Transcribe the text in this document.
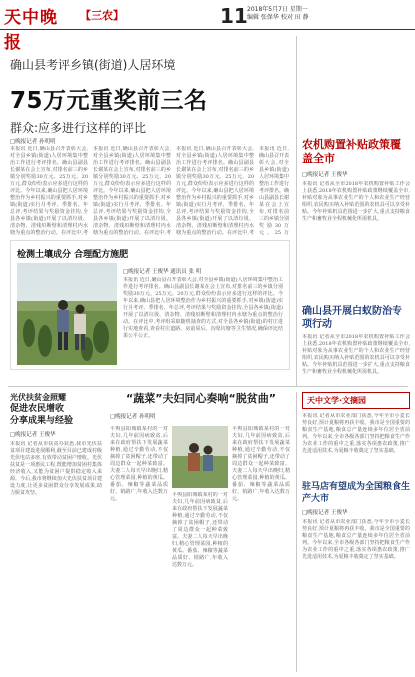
天中晚报
【三农】	11 2018年5月7日 星期一
编辑 张保华 校对 田 静
确山县考评乡镇(街道)人居环境
75万元重奖前三名
群众:应多进行这样的评比
□晚报记者 孙明明
本报讯 近日,确山县召开表彰大会,对全县乡镇(街道)人居环境集中整治工作进行考评排名。确山县副县长谢某在会上宣布,对排名前三的乡镇分别奖励30万元、25万元、20万元,群众纷纷表示应多进行这样的评比。今年以来,确山县把人居环境整治作为乡村振兴的重要抓手,对乡镇(街道)实行月考评、季排名、年总评,考评结果与奖励资金挂钩,全县各乡镇(街道)开展了以清垃圾、清杂物、清残垣断壁和清理村内水塘为重点的整治行动。在评比中,考
本报讯 近日,确山县召开表彰大会,对全县乡镇(街道)人居环境集中整治工作进行考评排名。确山县副县长谢某在会上宣布,对排名前三的乡镇分别奖励30万元、25万元、20万元,群众纷纷表示应多进行这样的评比。今年以来,确山县把人居环境整治作为乡村振兴的重要抓手,对乡镇(街道)实行月考评、季排名、年总评,考评结果与奖励资金挂钩,全县各乡镇(街道)开展了以清垃圾、清杂物、清残垣断壁和清理村内水塘为重点的整治行动。在评比中,考
本报讯 近日,确山县召开表彰大会,对全县乡镇(街道)人居环境集中整治工作进行考评排名。确山县副县长谢某在会上宣布,对排名前三的乡镇分别奖励30万元、25万元、20万元,群众纷纷表示应多进行这样的评比。今年以来,确山县把人居环境整治作为乡村振兴的重要抓手,对乡镇(街道)实行月考评、季排名、年总评,考评结果与奖励资金挂钩,全县各乡镇(街道)开展了以清垃圾、清杂物、清残垣断壁和清理村内水塘为重点的整治行动。在评比中,考
本报讯 近日,确山县召开表彰大会,对全县乡镇(街道)人居环境集中整治工作进行考评排名。确山县副县长谢某在会上宣布,对排名前三的乡镇分别奖励30万元、25万
检测土壤成分 合理配方施肥
□晚报记者 王俊华 通讯员 张 明
本报讯 近日,确山县召开表彰大会,对全县乡镇(街道)人居环境集中整治工作进行考评排名。确山县副县长谢某在会上宣布,对排名前三的乡镇分别奖励30万元、25万元、20万元,群众纷纷表示应多进行这样的评比。今年以来,确山县把人居环境整治作为乡村振兴的重要抓手,对乡镇(街道)实行月考评、季排名、年总评,考评结果与奖励资金挂钩,全县各乡镇(街道)开展了以清垃圾、清杂物、清残垣断壁和清理村内水塘为重点的整治行动。在评比中,考评组采取随机抽查的方式,对全县各乡镇(街道)的村庄进行实地查看,查看村庄道路、房前屋后、沟渠坑塘等卫生情况,确保评比结果公平公正。
农机购置补贴政策覆盖全市
□晚报记者 王俊华
本报讯 记者从全市2018年农机购置补贴工作会上获悉,2018年农机购置补贴政策继续覆盖全市,补贴对象为从事农业生产的个人和农业生产经营组织,农民购买纳入补贴范围的农机具可以享受补贴。今年补贴机具范围进一步扩大,重点支持粮食生产和畜牧业全程机械化所需机具。
确山县开展白蚁防治专项行动
本报讯 记者从全市2018年农机购置补贴工作会上获悉,2018年农机购置补贴政策继续覆盖全市,补贴对象为从事农业生产的个人和农业生产经营组织,农民购买纳入补贴范围的农机具可以享受补贴。今年补贴机具范围进一步扩大,重点支持粮食生产和畜牧业全程机械化所需机具。
光伏扶贫金照耀
促进农民增收
分享成果与经验
□晚报记者 王俊华
本报讯 记者从市扶贫办获悉,我市光伏扶贫项目建设进展顺利,截至目前已建成村级光伏电站多座,有效带动贫困户增收。光伏扶贫是一项惠民工程,既能增加贫困村集体经济收入,又能为贫困户提供稳定收入来源。今后,我市将继续加大光伏扶贫项目建设力度,让更多贫困群众分享发展成果,助力脱贫攻坚。
“蔬菜”夫妇同心奏响“脱贫曲”
□晚报记者 孙明明
平舆县阳城镇某村的一对夫妇,几年前因病致贫,后来在政府帮扶下发展蔬菜种植,通过辛勤劳动,不仅摘掉了贫困帽子,还带动了周边群众一起种菜致富。夫妻二人每天早出晚归,精心管理菜园,种植的黄瓜、番茄、辣椒等蔬菜品质好、销路广,年收入达数万元。
平舆县阳城镇某村的一对夫妇,几年前因病致贫,后来在政府帮扶下发展蔬菜种植,通过辛勤劳动,不仅摘掉了贫困帽子,还带动了周边群众一起种菜致富。夫妻二人每天早出晚归,精心管理菜园,种植的黄瓜、番茄、辣椒等蔬菜品质好、销路广,年收入达数万元。
平舆县阳城镇某村的一对夫妇,几年前因病致贫,后来在政府帮扶下发展蔬菜种植,通过辛勤劳动,不仅摘掉了贫困帽子,还带动了周边群众一起种菜致富。夫妻二人每天早出晚归,精心管理菜园,种植的黄瓜、番茄、辣椒等蔬菜品质好、销路广,年收入达数万元。
天中文学·文摘园
本报讯 记者从市农业部门获悉,今年全市小麦长势良好,预计夏粮将再获丰收。我市是全国重要的粮食生产基地,粮食总产量连续多年位居全省前列。今年以来,全市各级各部门坚持把粮食生产作为农业工作的重中之重,落实各项惠农政策,推广先进适用技术,为夏粮丰收奠定了坚实基础。
驻马店有望成为全国粮食生产大市
□晚报记者 王俊华
本报讯 记者从市农业部门获悉,今年全市小麦长势良好,预计夏粮将再获丰收。我市是全国重要的粮食生产基地,粮食总产量连续多年位居全省前列。今年以来,全市各级各部门坚持把粮食生产作为农业工作的重中之重,落实各项惠农政策,推广先进适用技术,为夏粮丰收奠定了坚实基础。
